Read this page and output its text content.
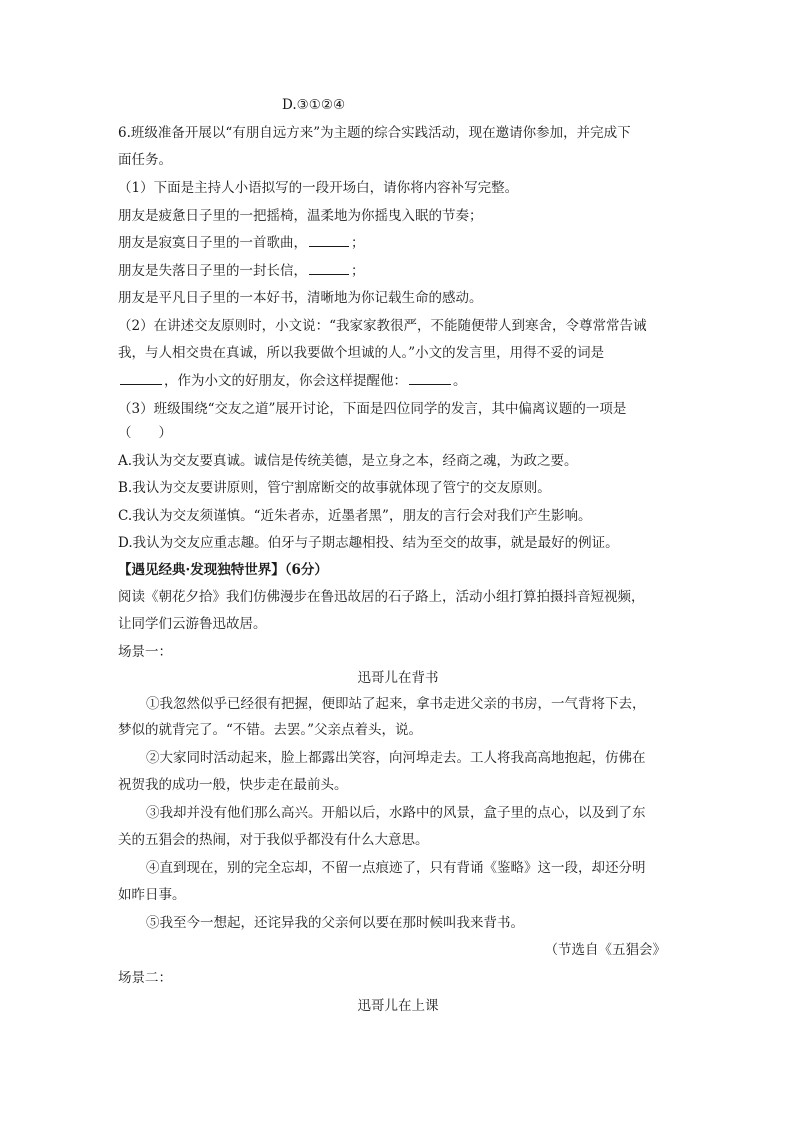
D.③①②④
6.班级准备开展以“有朋自远方来”为主题的综合实践活动，现在邀请你参加，并完成下
面任务。
（1）下面是主持人小语拟写的一段开场白，请你将内容补写完整。
朋友是疲惫日子里的一把摇椅，温柔地为你摇曳入眠的节奏；
朋友是寂寞日子里的一首歌曲，	；
朋友是失落日子里的一封长信，	；
朋友是平凡日子里的一本好书，清晰地为你记载生命的感动。
（2）在讲述交友原则时，小文说：“我家家教很严，不能随便带人到寒舍，令尊常常告诫
我，与人相交贵在真诚，所以我要做个坦诚的人。”小文的发言里，用得不妥的词是
，作为小文的好朋友，你会这样提醒他：	。
（3）班级围绕“交友之道”展开讨论，下面是四位同学的发言，其中偏离议题的一项是
（　　）
A.我认为交友要真诚。诚信是传统美德，是立身之本，经商之魂，为政之要。
B.我认为交友要讲原则，管宁割席断交的故事就体现了管宁的交友原则。
C.我认为交友须谨慎。“近朱者赤，近墨者黑”，朋友的言行会对我们产生影响。
D.我认为交友应重志趣。伯牙与子期志趣相投、结为至交的故事，就是最好的例证。
【遇见经典·发现独特世界】（6分）
阅读《朝花夕拾》我们仿佛漫步在鲁迅故居的石子路上，活动小组打算拍摄抖音短视频，
让同学们云游鲁迅故居。
场景一：
迅哥儿在背书
①我忽然似乎已经很有把握，便即站了起来，拿书走进父亲的书房，一气背将下去，
梦似的就背完了。“不错。去罢。”父亲点着头，说。
②大家同时活动起来，脸上都露出笑容，向河埠走去。工人将我高高地抱起，仿佛在
祝贺我的成功一般，快步走在最前头。
③我却并没有他们那么高兴。开船以后，水路中的风景，盒子里的点心，以及到了东
关的五猖会的热闹，对于我似乎都没有什么大意思。
④直到现在，别的完全忘却，不留一点痕迹了，只有背诵《鉴略》这一段，却还分明
如昨日事。
⑤我至今一想起，还诧异我的父亲何以要在那时候叫我来背书。
（节选自《五猖会》
场景二：
迅哥儿在上课
